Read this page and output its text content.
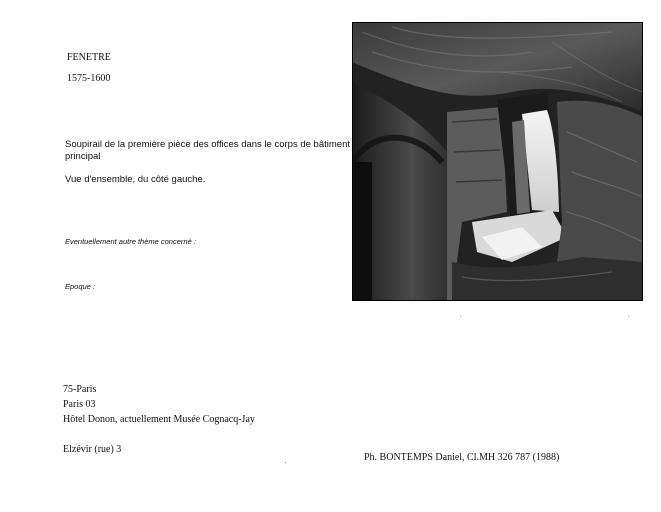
FENETRE
1575-1600
Soupirail de la première pièce des offices dans le corps de bâtiment
principal
Vue d'ensemble, du côté gauche.
Eventuellement autre thème concerné :
Epoque :
75-Paris
Paris 03
Hôtel Donon, actuellement Musée Cognacq-Jay
Elzévir (rue) 3
Ph. BONTEMPS Daniel, Cl.MH 326 787 (1988)
